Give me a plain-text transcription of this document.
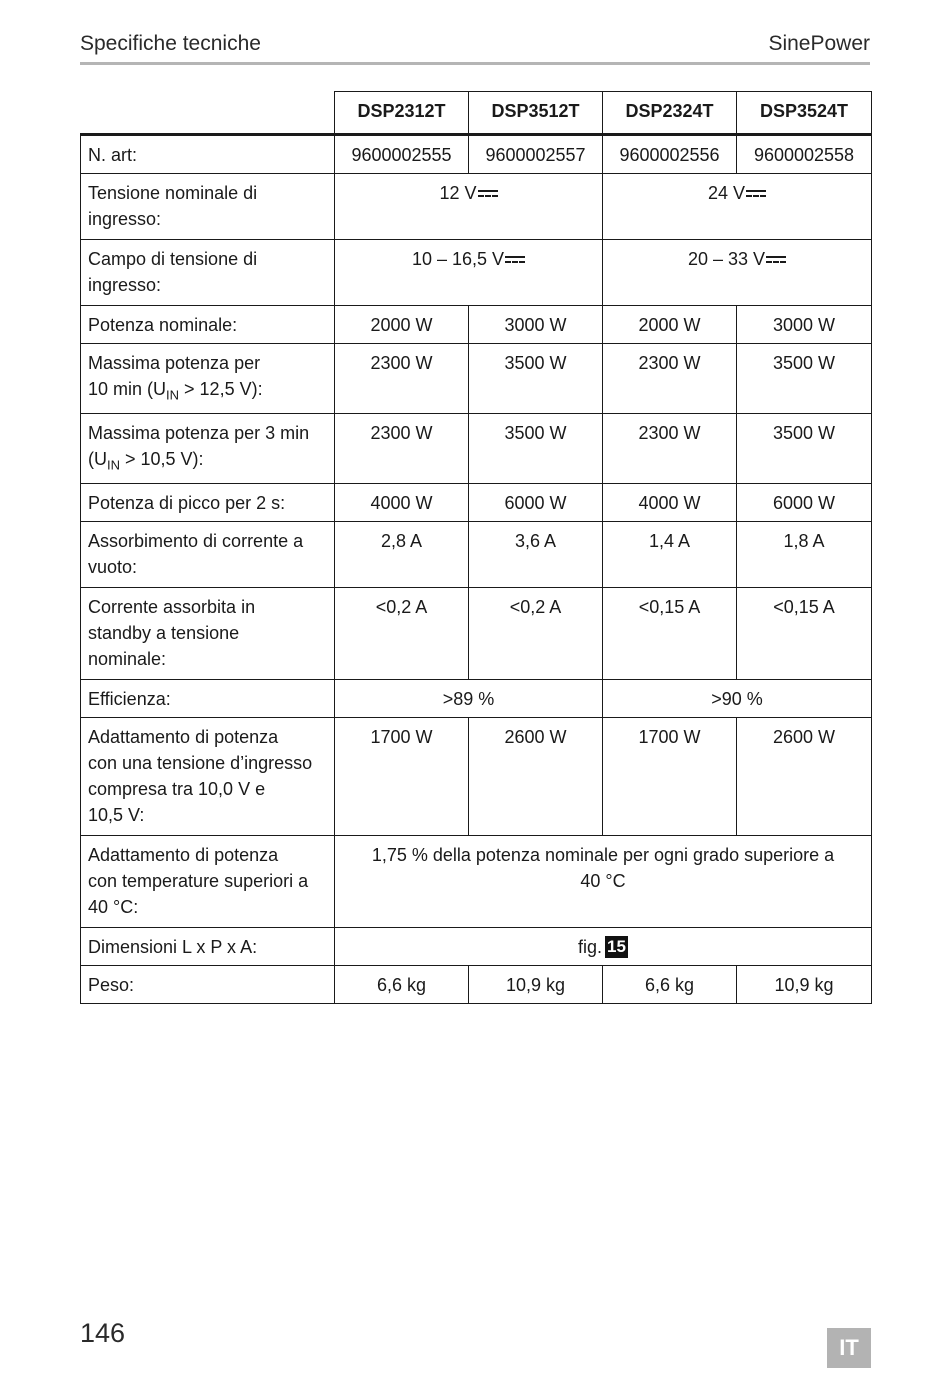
Specifiche tecniche	SinePower
	DSP2312T	DSP3512T	DSP2324T	DSP3524T
N. art:	9600002555	9600002557	9600002556	9600002558
Tensione nominale di
ingresso:	12 V		24 V	

Campo di tensione di
ingresso:	10 – 16,5 V		20 – 33 V	

Potenza nominale:	2000 W	3000 W	2000 W	3000 W
Massima potenza per
10 $\min (U_{IN} > 12,5$ V):	2300 W	3500 W	2300 W	3500 W
Massima potenza per 3 min
($U_{IN} > 10,5$ V):	2300 W	3500 W	2300 W	3500 W
Potenza di picco per 2 s:	4000 W	6000 W	4000 W	6000 W
Assorbimento di corrente a
vuoto:	2,8 A	3,6 A	1,4 A	1,8 A
Corrente assorbita in
standby a tensione
nominale:	<0,2 A	<0,2 A	<0,15 A	<0,15 A
Efficienza:	>89 %		>90 %	
Adattamento di potenza
con una tensione d’ingresso
compresa tra 10,0 V e
10,5 V:	1700 W	2600 W	1700 W	2600 W
Adattamento di potenza
con temperature superiori a
40 °C:	1,75 % della potenza nominale per ogni grado superiore a
40 °C			
Dimensioni L x P x A:	fig. 15			
Peso:	6,6 kg	10,9 kg	6,6 kg	10,9 kg
146	IT
